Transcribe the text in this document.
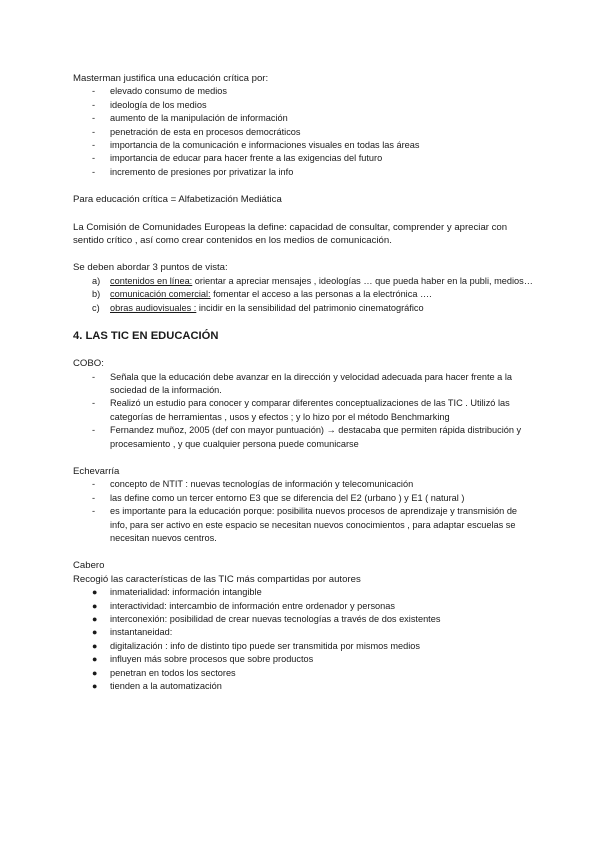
Masterman justifica una educación crítica por:

- elevado consumo de medios
- ideología de los medios
- aumento de la manipulación de información
- penetración de esta en procesos democráticos
- importancia de la comunicación e informaciones visuales en todas las áreas
- importancia de educar para hacer frente a las exigencias del futuro
- incremento de presiones por privatizar la info

Para educación crítica = Alfabetización Mediática

La Comisión de Comunidades Europeas la define: capacidad de consultar, comprender y apreciar con sentido crítico , así como crear contenidos en los medios de comunicación.

Se deben abordar 3 puntos de vista:

a) contenidos en línea: orientar a apreciar mensajes , ideologías … que pueda haber en la publi, medios…
b) comunicación comercial: fomentar el acceso a las personas a la electrónica ….
c) obras audiovisuales : incidir en la sensibilidad del patrimonio cinematográfico
4. LAS TIC EN EDUCACIÓN

COBO:

- Señala que la educación debe avanzar en la dirección y velocidad adecuada para hacer frente a la sociedad de la información.
- Realizó un estudio para conocer y comparar diferentes conceptualizaciones de las TIC . Utilizó las categorías de herramientas , usos y efectos ; y lo hizo por el método Benchmarking
- Fernandez muñoz, 2005 (def con mayor puntuación) → destacaba que permiten rápida distribución y procesamiento , y que cualquier persona puede comunicarse

Echevarría

- concepto de NTIT : nuevas tecnologías de información y telecomunicación
- las define como un tercer entorno E3 que se diferencia del E2 (urbano ) y E1 ( natural )
- es importante para la educación porque: posibilita nuevos procesos de aprendizaje y transmisión de info, para ser activo en este espacio se necesitan nuevos conocimientos , para adaptar escuelas se necesitan nuevos centros.

Cabero

Recogió las características de las TIC más compartidas por autores

● inmaterialidad: información intangible
● interactividad: intercambio de información entre ordenador y personas
● interconexión: posibilidad de crear nuevas tecnologías a través de dos existentes
● instantaneidad:
● digitalización : info de distinto tipo puede ser transmitida por mismos medios
● influyen más sobre procesos que sobre productos
● penetran en todos los sectores
● tienden a la automatización
